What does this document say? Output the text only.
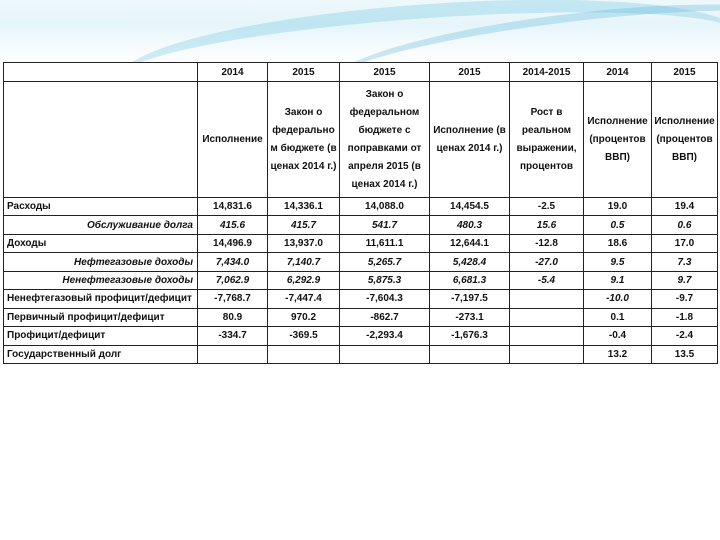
	2014	2015	2015	2015	2014-2015	2014	2015
	Исполнение	Закон о федерально м бюджете (в ценах 2014 г.)	Закон о федеральном бюджете с поправками от апреля 2015 (в ценах 2014 г.)	Исполнение (в ценах 2014 г.)	Рост в реальном выражении, процентов	Исполнение (процентов ВВП)	Исполнение (процентов ВВП)
Расходы	14,831.6	14,336.1	14,088.0	14,454.5	-2.5	19.0	19.4
Обслуживание долга	415.6	415.7	541.7	480.3	15.6	0.5	0.6
Доходы	14,496.9	13,937.0	11,611.1	12,644.1	-12.8	18.6	17.0
Нефтегазовые доходы	7,434.0	7,140.7	5,265.7	5,428.4	-27.0	9.5	7.3
Ненефтегазовые доходы	7,062.9	6,292.9	5,875.3	6,681.3	-5.4	9.1	9.7
Ненефтегазовый профицит/дефицит	-7,768.7	-7,447.4	-7,604.3	-7,197.5		-10.0	-9.7
Первичный профицит/дефицит	80.9	970.2	-862.7	-273.1		0.1	-1.8
Профицит/дефицит	-334.7	-369.5	-2,293.4	-1,676.3		-0.4	-2.4
Государственный долг						13.2	13.5
